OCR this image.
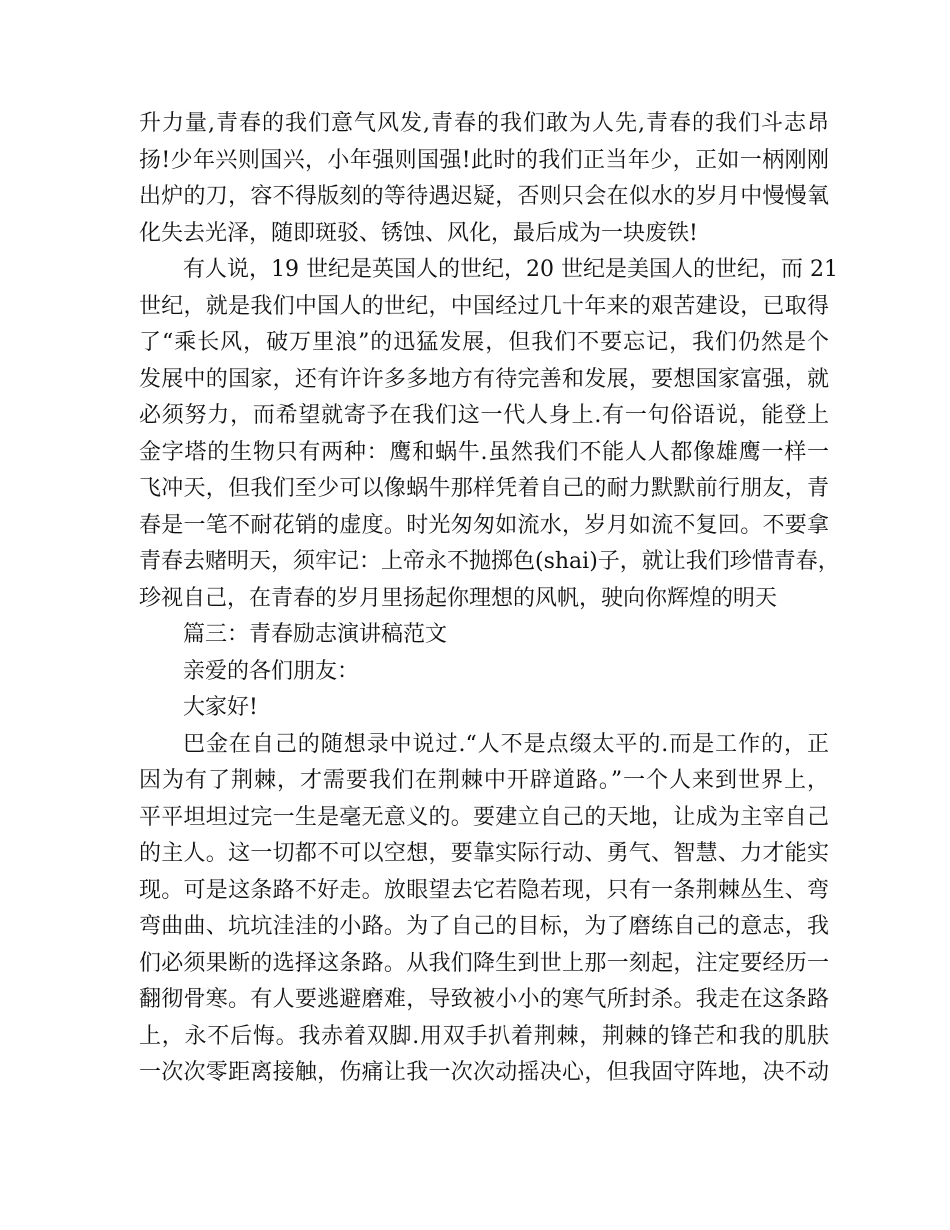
升力量,青春的我们意气风发,青春的我们敢为人先,青春的我们斗志昂
扬!少年兴则国兴，小年强则国强!此时的我们正当年少，正如一柄刚刚
出炉的刀，容不得版刻的等待遇迟疑，否则只会在似水的岁月中慢慢氧
化失去光泽，随即斑驳、锈蚀、风化，最后成为一块废铁!
有人说，19 世纪是英国人的世纪，20 世纪是美国人的世纪，而 21
世纪，就是我们中国人的世纪，中国经过几十年来的艰苦建设，已取得
了“乘长风，破万里浪”的迅猛发展，但我们不要忘记，我们仍然是个
发展中的国家，还有许许多多地方有待完善和发展，要想国家富强，就
必须努力，而希望就寄予在我们这一代人身上.有一句俗语说，能登上
金字塔的生物只有两种：鹰和蜗牛.虽然我们不能人人都像雄鹰一样一
飞冲天，但我们至少可以像蜗牛那样凭着自己的耐力默默前行朋友，青
春是一笔不耐花销的虚度。时光匆匆如流水，岁月如流不复回。不要拿
青春去赌明天，须牢记：上帝永不抛掷色(shai)子，就让我们珍惜青春，
珍视自己，在青春的岁月里扬起你理想的风帆，驶向你辉煌的明天
篇三：青春励志演讲稿范文
亲爱的各们朋友：
大家好!
巴金在自己的随想录中说过.“人不是点缀太平的.而是工作的，正
因为有了荆棘，才需要我们在荆棘中开辟道路。”一个人来到世界上，
平平坦坦过完一生是毫无意义的。要建立自己的天地，让成为主宰自己
的主人。这一切都不可以空想，要靠实际行动、勇气、智慧、力才能实
现。可是这条路不好走。放眼望去它若隐若现，只有一条荆棘丛生、弯
弯曲曲、坑坑洼洼的小路。为了自己的目标，为了磨练自己的意志，我
们必须果断的选择这条路。从我们降生到世上那一刻起，注定要经历一
翻彻骨寒。有人要逃避磨难，导致被小小的寒气所封杀。我走在这条路
上，永不后悔。我赤着双脚.用双手扒着荆棘，荆棘的锋芒和我的肌肤
一次次零距离接触，伤痛让我一次次动摇决心，但我固守阵地，决不动
